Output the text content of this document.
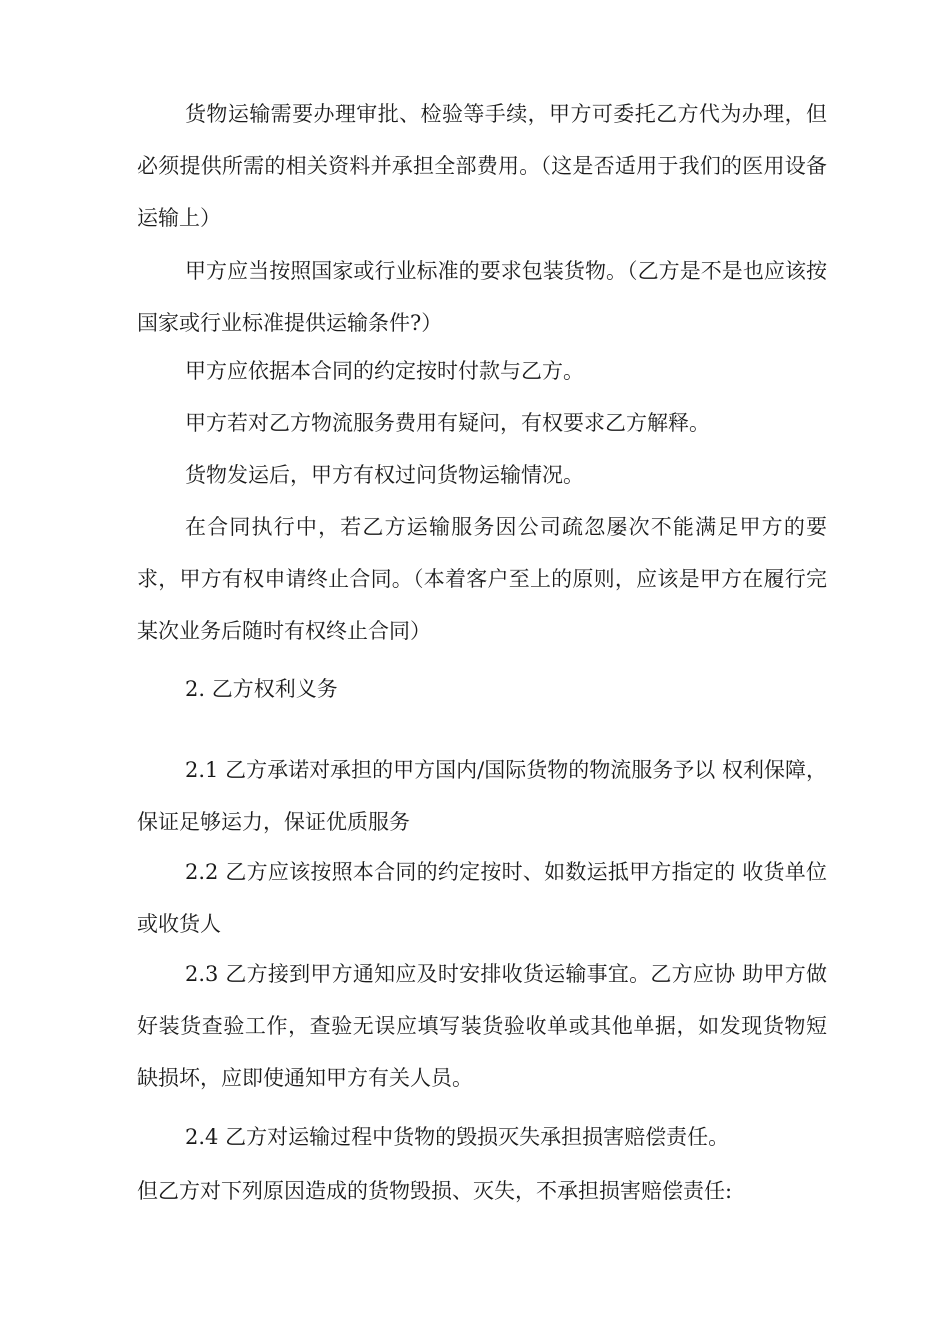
货物运输需要办理审批、检验等手续，甲方可委托乙方代为办理，但必须提供所需的相关资料并承担全部费用。（这是否适用于我们的医用设备运输上）

甲方应当按照国家或行业标准的要求包装货物。（乙方是不是也应该按国家或行业标准提供运输条件?）

甲方应依据本合同的约定按时付款与乙方。

甲方若对乙方物流服务费用有疑问，有权要求乙方解释。

货物发运后，甲方有权过问货物运输情况。

在合同执行中，若乙方运输服务因公司疏忽屡次不能满足甲方的要求，甲方有权申请终止合同。（本着客户至上的原则，应该是甲方在履行完某次业务后随时有权终止合同）

2. 乙方权利义务

2.1 乙方承诺对承担的甲方国内/国际货物的物流服务予以 权利保障，保证足够运力，保证优质服务

2.2 乙方应该按照本合同的约定按时、如数运抵甲方指定的 收货单位或收货人

2.3 乙方接到甲方通知应及时安排收货运输事宜。乙方应协 助甲方做好装货查验工作，查验无误应填写装货验收单或其他单据，如发现货物短缺损坏，应即使通知甲方有关人员。

2.4 乙方对运输过程中货物的毁损灭失承担损害赔偿责任。

但乙方对下列原因造成的货物毁损、灭失，不承担损害赔偿责任:
